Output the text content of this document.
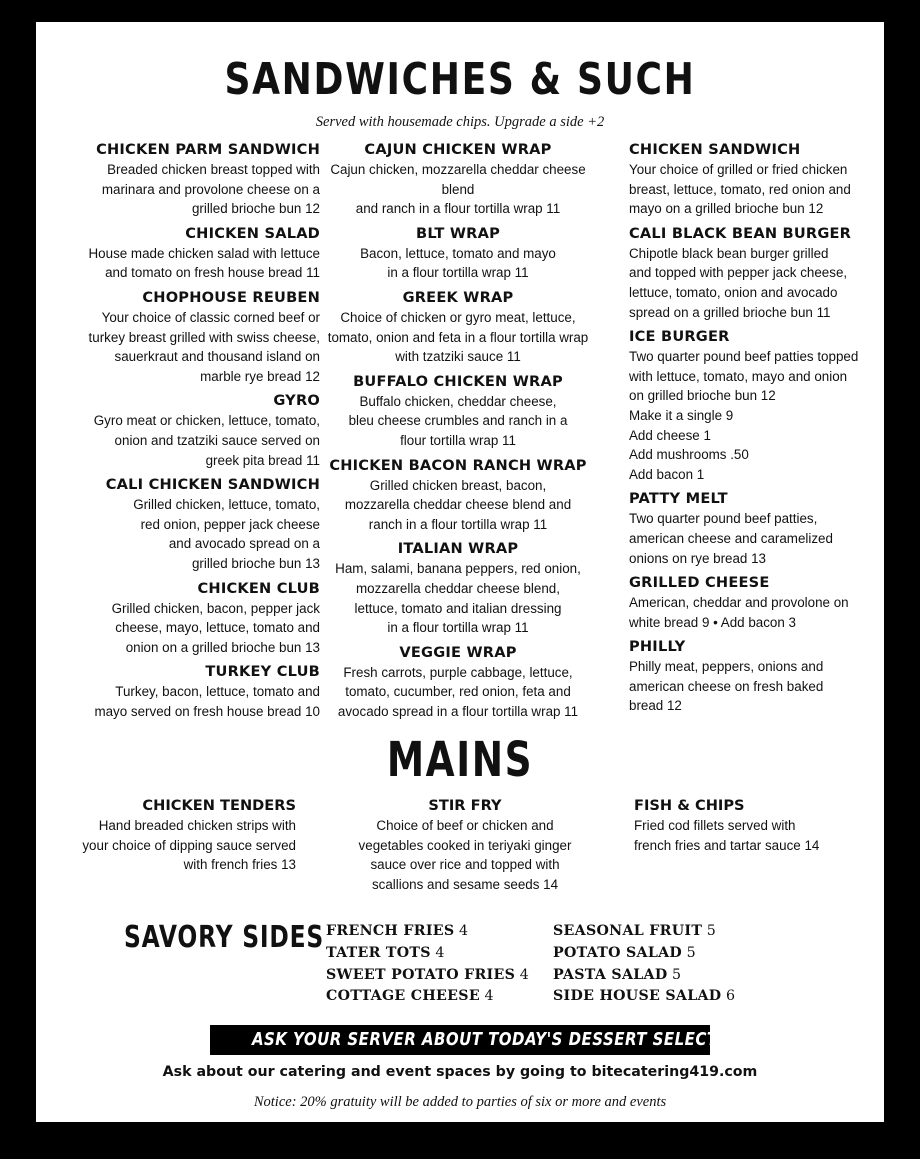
SANDWICHES & SUCH
Served with housemade chips. Upgrade a side +2
CHICKEN PARM SANDWICH
Breaded chicken breast topped with
marinara and provolone cheese on a
grilled brioche bun 12
CHICKEN SALAD
House made chicken salad with lettuce
and tomato on fresh house bread 11
CHOPHOUSE REUBEN
Your choice of classic corned beef or
turkey breast grilled with swiss cheese,
sauerkraut and thousand island on
marble rye bread 12
GYRO
Gyro meat or chicken, lettuce, tomato,
onion and tzatziki sauce served on
greek pita bread 11
CALI CHICKEN SANDWICH
Grilled chicken, lettuce, tomato,
red onion, pepper jack cheese
and avocado spread on a
grilled brioche bun 13
CHICKEN CLUB
Grilled chicken, bacon, pepper jack
cheese, mayo, lettuce, tomato and
onion on a grilled brioche bun 13
TURKEY CLUB
Turkey, bacon, lettuce, tomato and
mayo served on fresh house bread 10
CAJUN CHICKEN WRAP
Cajun chicken, mozzarella cheddar cheese blend
and ranch in a flour tortilla wrap 11
BLT WRAP
Bacon, lettuce, tomato and mayo
in a flour tortilla wrap 11
GREEK WRAP
Choice of chicken or gyro meat, lettuce,
tomato, onion and feta in a flour tortilla wrap
with tzatziki sauce 11
BUFFALO CHICKEN WRAP
Buffalo chicken, cheddar cheese,
bleu cheese crumbles and ranch in a
flour tortilla wrap 11
CHICKEN BACON RANCH WRAP
Grilled chicken breast, bacon,
mozzarella cheddar cheese blend and
ranch in a flour tortilla wrap 11
ITALIAN WRAP
Ham, salami, banana peppers, red onion,
mozzarella cheddar cheese blend,
lettuce, tomato and italian dressing
in a flour tortilla wrap 11
VEGGIE WRAP
Fresh carrots, purple cabbage, lettuce,
tomato, cucumber, red onion, feta and
avocado spread in a flour tortilla wrap 11
CHICKEN SANDWICH
Your choice of grilled or fried chicken
breast, lettuce, tomato, red onion and
mayo on a grilled brioche bun 12
CALI BLACK BEAN BURGER
Chipotle black bean burger grilled
and topped with pepper jack cheese,
lettuce, tomato, onion and avocado
spread on a grilled brioche bun 11
ICE BURGER
Two quarter pound beef patties topped
with lettuce, tomato, mayo and onion
on grilled brioche bun 12
Make it a single 9
Add cheese 1
Add mushrooms .50
Add bacon 1
PATTY MELT
Two quarter pound beef patties,
american cheese and caramelized
onions on rye bread 13
GRILLED CHEESE
American, cheddar and provolone on
white bread 9 • Add bacon 3
PHILLY
Philly meat, peppers, onions and
american cheese on fresh baked
bread 12
MAINS
CHICKEN TENDERS
Hand breaded chicken strips with
your choice of dipping sauce served
with french fries 13
STIR FRY
Choice of beef or chicken and
vegetables cooked in teriyaki ginger
sauce over rice and topped with
scallions and sesame seeds 14
FISH & CHIPS
Fried cod fillets served with
french fries and tartar sauce 14
SAVORY SIDES FRENCH FRIES 4
TATER TOTS 4
SWEET POTATO FRIES 4
COTTAGE CHEESE 4
SEASONAL FRUIT 5
POTATO SALAD 5
PASTA SALAD 5
SIDE HOUSE SALAD 6
ASK YOUR SERVER ABOUT TODAY'S DESSERT SELECTIONS.
Ask about our catering and event spaces by going to bitecatering419.com
Notice: 20% gratuity will be added to parties of six or more and events
